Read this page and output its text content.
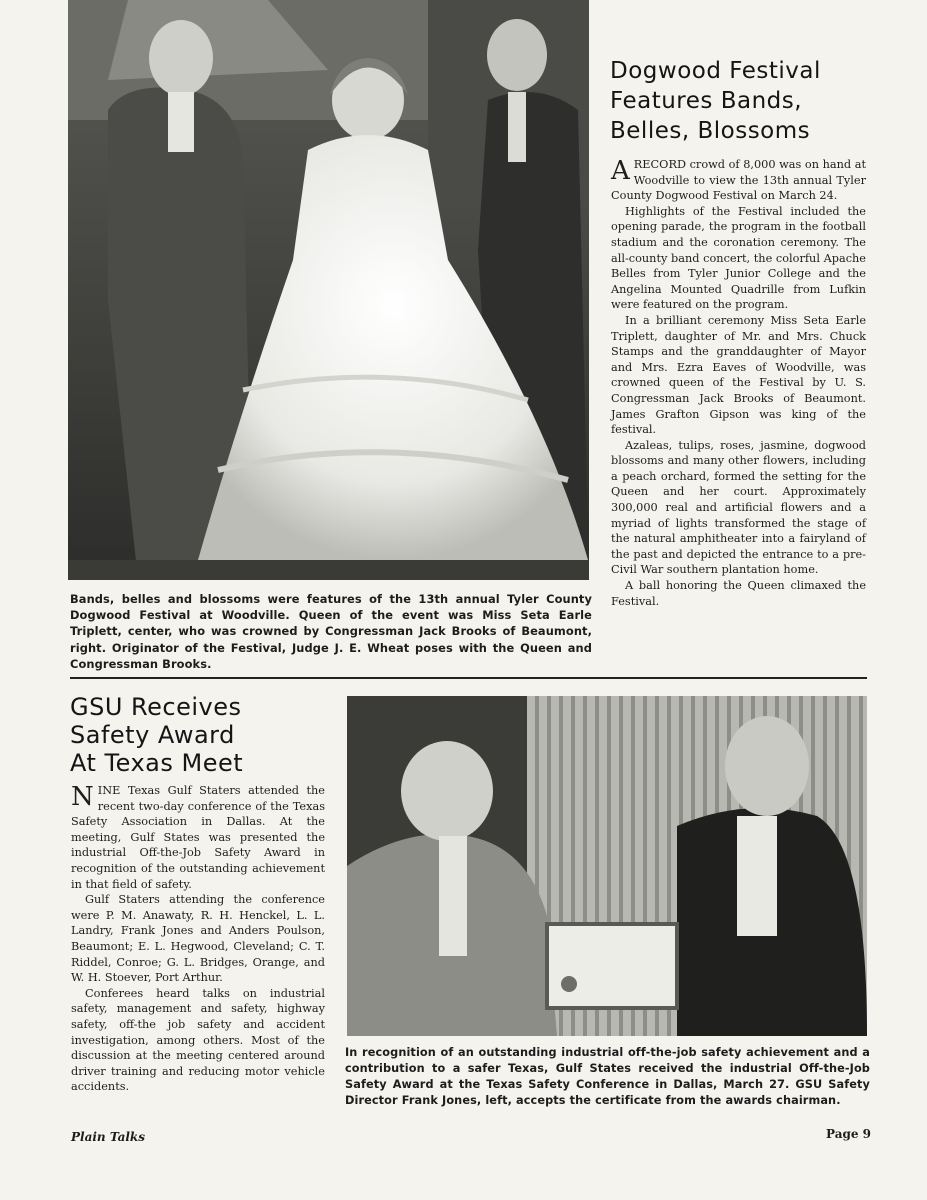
Bands, belles and blossoms were features of the 13th annual Tyler County Dogwood Festival at Woodville. Queen of the event was Miss Seta Earle Triplett, center, who was crowned by Congressman Jack Brooks of Beaumont, right. Originator of the Festival, Judge J. E. Wheat poses with the Queen and Congressman Brooks.
Dogwood Festival
Features Bands,
Belles, Blossoms

ARECORD crowd of 8,000 was on hand at Woodville to view the 13th annual Tyler County Dogwood Festival on March 24.

Highlights of the Festival included the opening parade, the program in the football stadium and the coronation ceremony. The all-county band concert, the colorful Apache Belles from Tyler Junior College and the Angelina Mounted Quadrille from Lufkin were featured on the program.

In a brilliant ceremony Miss Seta Earle Triplett, daughter of Mr. and Mrs. Chuck Stamps and the granddaughter of Mayor and Mrs. Ezra Eaves of Woodville, was crowned queen of the Festival by U. S. Congressman Jack Brooks of Beaumont. James Grafton Gipson was king of the festival.

Azaleas, tulips, roses, jasmine, dogwood blossoms and many other flowers, including a peach orchard, formed the setting for the Queen and her court. Approximately 300,000 real and artificial flowers and a myriad of lights transformed the stage of the natural amphitheater into a fairyland of the past and depicted the entrance to a pre-Civil War southern plantation home.

A ball honoring the Queen climaxed the Festival.

GSU Receives
Safety Award
At Texas Meet

NINE Texas Gulf Staters attended the recent two-day conference of the Texas Safety Association in Dallas. At the meeting, Gulf States was presented the industrial Off-the-Job Safety Award in recognition of the outstanding achievement in that field of safety.

Gulf Staters attending the conference were P. M. Anawaty, R. H. Henckel, L. L. Landry, Frank Jones and Anders Poulson, Beaumont; E. L. Hegwood, Cleveland; C. T. Riddel, Conroe; G. L. Bridges, Orange, and W. H. Stoever, Port Arthur.

Conferees heard talks on industrial safety, management and safety, highway safety, off-the job safety and accident investigation, among others. Most of the discussion at the meeting centered around driver training and reducing motor vehicle accidents.

In recognition of an outstanding industrial off-the-job safety achievement and a contribution to a safer Texas, Gulf States received the industrial Off-the-Job Safety Award at the Texas Safety Conference in Dallas, March 27. GSU Safety Director Frank Jones, left, accepts the certificate from the awards chairman.
Plain Talks	Page 9
